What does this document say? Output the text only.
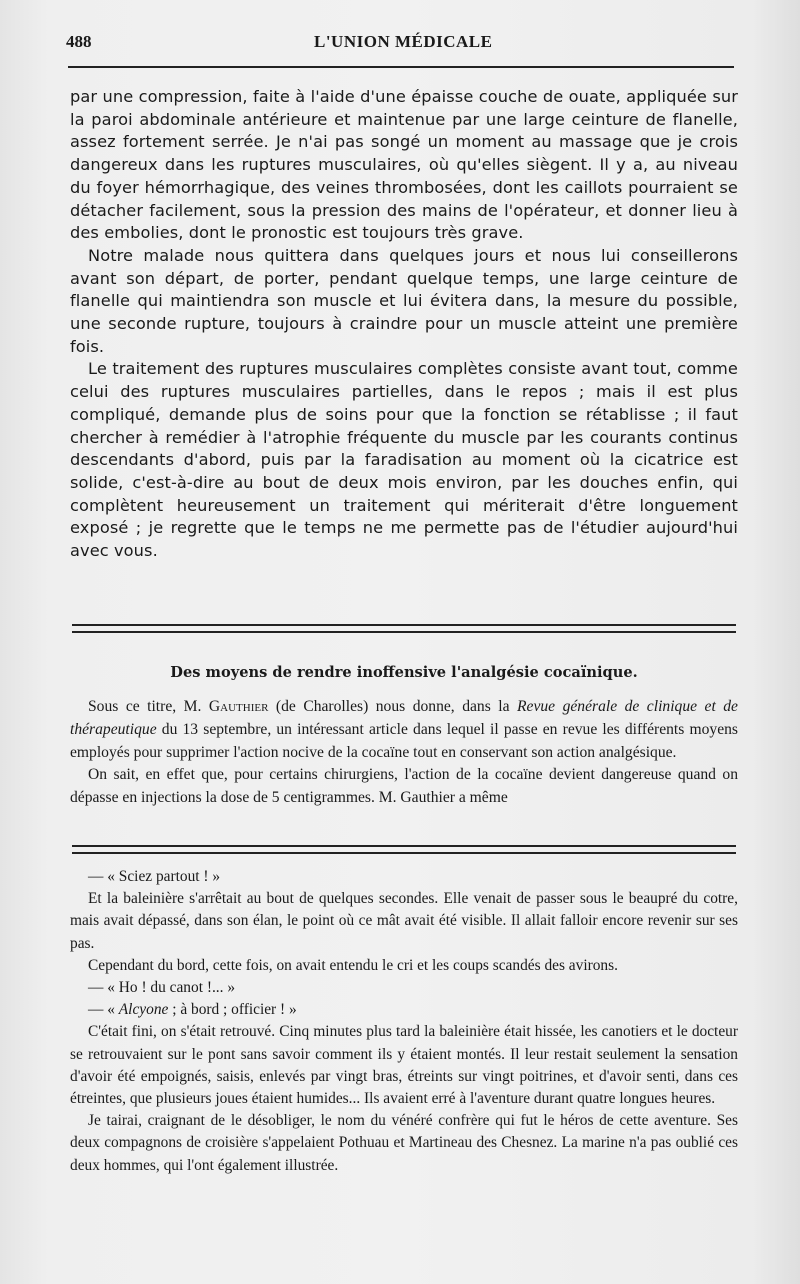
488	L'UNION MÉDICALE

par une compression, faite à l'aide d'une épaisse couche de ouate, appliquée sur la paroi abdominale antérieure et maintenue par une large ceinture de flanelle, assez fortement serrée. Je n'ai pas songé un moment au massage que je crois dangereux dans les ruptures musculaires, où qu'elles siègent. Il y a, au niveau du foyer hémorrhagique, des veines thrombosées, dont les caillots pourraient se détacher facilement, sous la pression des mains de l'opérateur, et donner lieu à des embolies, dont le pronostic est toujours très grave.

Notre malade nous quittera dans quelques jours et nous lui conseillerons avant son départ, de porter, pendant quelque temps, une large ceinture de flanelle qui maintiendra son muscle et lui évitera dans, la mesure du possible, une seconde rupture, toujours à craindre pour un muscle atteint une première fois.

Le traitement des ruptures musculaires complètes consiste avant tout, comme celui des ruptures musculaires partielles, dans le repos ; mais il est plus compliqué, demande plus de soins pour que la fonction se rétablisse ; il faut chercher à remédier à l'atrophie fréquente du muscle par les courants continus descendants d'abord, puis par la faradisation au moment où la cicatrice est solide, c'est-à-dire au bout de deux mois environ, par les douches enfin, qui complètent heureusement un traitement qui mériterait d'être longuement exposé ; je regrette que le temps ne me permette pas de l'étudier aujourd'hui avec vous.

Des moyens de rendre inoffensive l'analgésie cocaïnique.

Sous ce titre, M. Gauthier (de Charolles) nous donne, dans la Revue générale de clinique et de thérapeutique du 13 septembre, un intéressant article dans lequel il passe en revue les différents moyens employés pour supprimer l'action nocive de la cocaïne tout en conservant son action analgésique.

On sait, en effet que, pour certains chirurgiens, l'action de la cocaïne devient dangereuse quand on dépasse en injections la dose de 5 centigrammes. M. Gauthier a même

— « Sciez partout ! »

Et la baleinière s'arrêtait au bout de quelques secondes. Elle venait de passer sous le beaupré du cotre, mais avait dépassé, dans son élan, le point où ce mât avait été visible. Il allait falloir encore revenir sur ses pas.

Cependant du bord, cette fois, on avait entendu le cri et les coups scandés des avirons.

— « Ho ! du canot !... »

— « Alcyone ; à bord ; officier ! »

C'était fini, on s'était retrouvé. Cinq minutes plus tard la baleinière était hissée, les canotiers et le docteur se retrouvaient sur le pont sans savoir comment ils y étaient montés. Il leur restait seulement la sensation d'avoir été empoignés, saisis, enlevés par vingt bras, étreints sur vingt poitrines, et d'avoir senti, dans ces étreintes, que plusieurs joues étaient humides... Ils avaient erré à l'aventure durant quatre longues heures.

Je tairai, craignant de le désobliger, le nom du vénéré confrère qui fut le héros de cette aventure. Ses deux compagnons de croisière s'appelaient Pothuau et Martineau des Chesnez. La marine n'a pas oublié ces deux hommes, qui l'ont également illustrée.
